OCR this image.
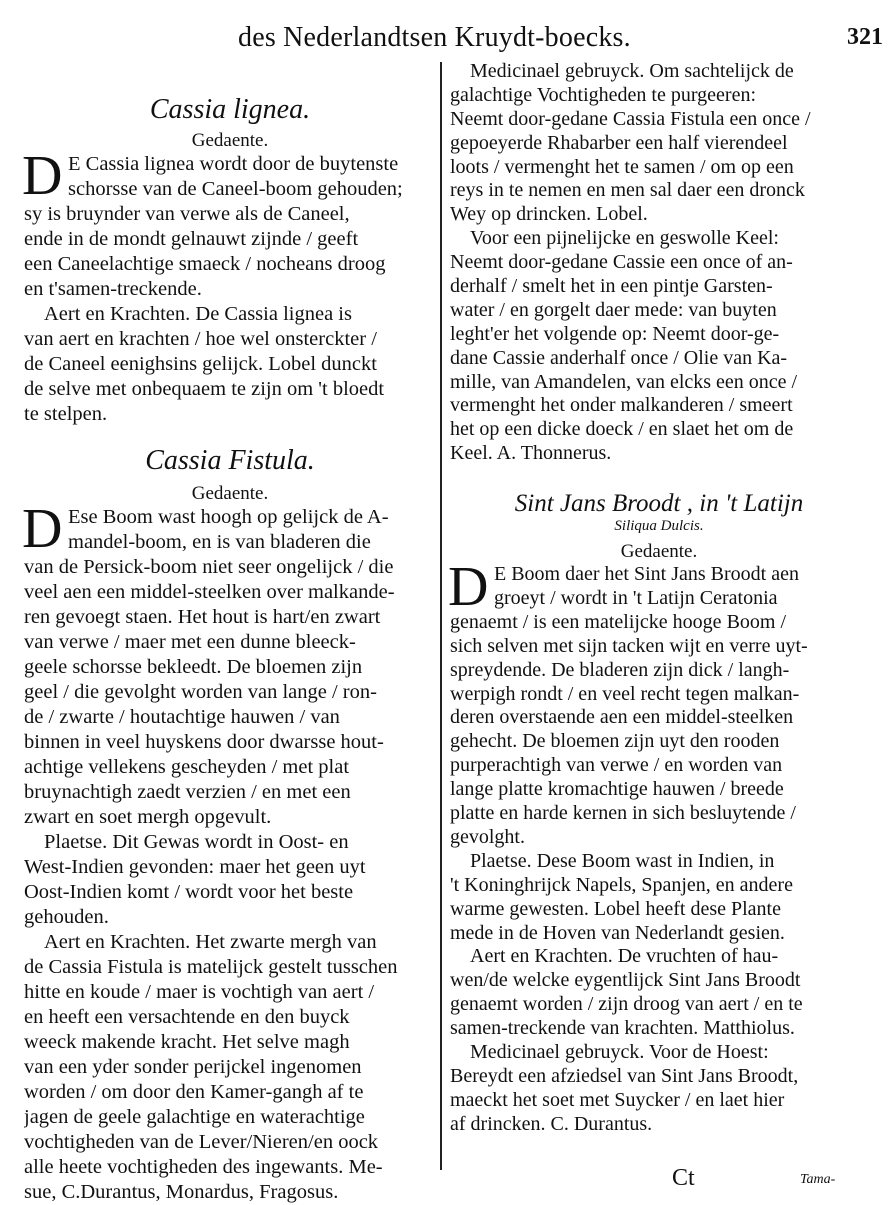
des Nederlandtsen Kruydt-boecks.	321
Cassia lignea.
Gedaente.
D E Cassia lignea wordt door de buytenste
schorsse van de Caneel-boom gehouden;
sy is bruynder van verwe als de Caneel,
ende in de mondt gelnauwt zijnde / geeft
een Caneelachtige smaeck / nocheans droog
en t'samen-treckende.
Aert en Krachten. De Cassia lignea is
van aert en krachten / hoe wel onsterckter /
de Caneel eenighsins gelijck. Lobel dunckt
de selve met onbequaem te zijn om 't bloedt
te stelpen.
Cassia Fistula.
Gedaente.
D Ese Boom wast hoogh op gelijck de A-
mandel-boom, en is van bladeren die
van de Persick-boom niet seer ongelijck / die
veel aen een middel-steelken over malkande-
ren gevoegt staen. Het hout is hart/en zwart
van verwe / maer met een dunne bleeck-
geele schorsse bekleedt. De bloemen zijn
geel / die gevolght worden van lange / ron-
de / zwarte / houtachtige hauwen / van
binnen in veel huyskens door dwarsse hout-
achtige vellekens gescheyden / met plat
bruynachtigh zaedt verzien / en met een
zwart en soet mergh opgevult.
Plaetse. Dit Gewas wordt in Oost- en
West-Indien gevonden: maer het geen uyt
Oost-Indien komt / wordt voor het beste
gehouden.
Aert en Krachten. Het zwarte mergh van
de Cassia Fistula is matelijck gestelt tusschen
hitte en koude / maer is vochtigh van aert /
en heeft een versachtende en den buyck
weeck makende kracht. Het selve magh
van een yder sonder perijckel ingenomen
worden / om door den Kamer-gangh af te
jagen de geele galachtige en waterachtige
vochtigheden van de Lever/Nieren/en oock
alle heete vochtigheden des ingewants. Me-
sue, C.Durantus, Monardus, Fragosus.
Medicinael gebruyck. Om sachtelijck de
galachtige Vochtigheden te purgeeren:
Neemt door-gedane Cassia Fistula een once /
gepoeyerde Rhabarber een half vierendeel
loots / vermenght het te samen / om op een
reys in te nemen en men sal daer een dronck
Wey op drincken. Lobel.
Voor een pijnelijcke en geswolle Keel:
Neemt door-gedane Cassie een once of an-
derhalf / smelt het in een pintje Garsten-
water / en gorgelt daer mede: van buyten
leght'er het volgende op: Neemt door-ge-
dane Cassie anderhalf once / Olie van Ka-
mille, van Amandelen, van elcks een once /
vermenght het onder malkanderen / smeert
het op een dicke doeck / en slaet het om de
Keel. A. Thonnerus.
Sint Jans Broodt , in 't Latijn
Siliqua Dulcis.
Gedaente.
D E Boom daer het Sint Jans Broodt aen
groeyt / wordt in 't Latijn Ceratonia
genaemt / is een matelijcke hooge Boom /
sich selven met sijn tacken wijt en verre uyt-
spreydende. De bladeren zijn dick / langh-
werpigh rondt / en veel recht tegen malkan-
deren overstaende aen een middel-steelken
gehecht. De bloemen zijn uyt den rooden
purperachtigh van verwe / en worden van
lange platte kromachtige hauwen / breede
platte en harde kernen in sich besluytende /
gevolght.
Plaetse. Dese Boom wast in Indien, in
't Koninghrijck Napels, Spanjen, en andere
warme gewesten. Lobel heeft dese Plante
mede in de Hoven van Nederlandt gesien.
Aert en Krachten. De vruchten of hau-
wen/de welcke eygentlijck Sint Jans Broodt
genaemt worden / zijn droog van aert / en te
samen-treckende van krachten. Matthiolus.
Medicinael gebruyck. Voor de Hoest:
Bereydt een afziedsel van Sint Jans Broodt,
maeckt het soet met Suycker / en laet hier
af drincken. C. Durantus.
Ct	Tama-
